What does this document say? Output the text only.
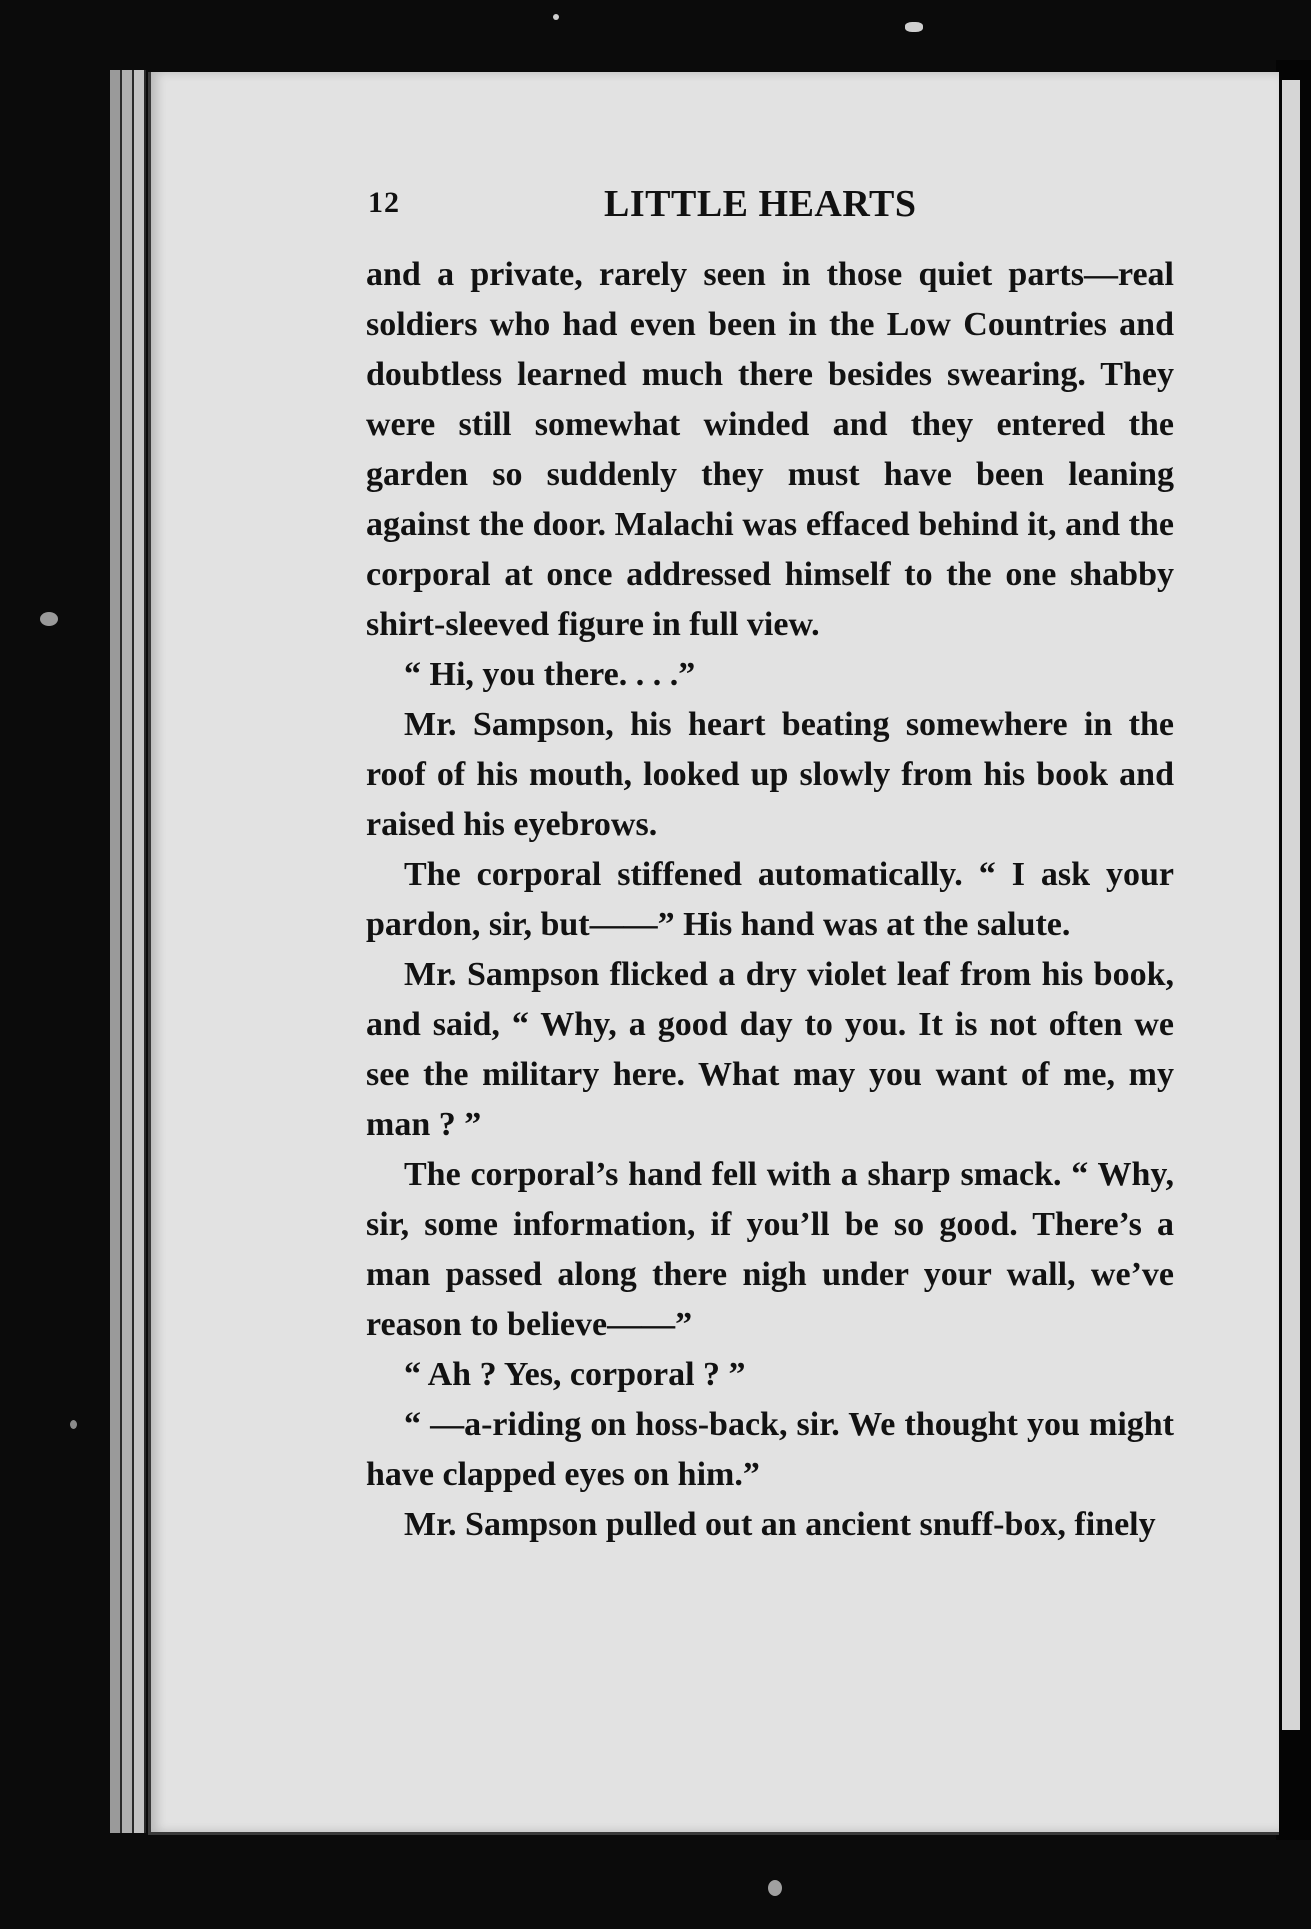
12	LITTLE HEARTS

and a private, rarely seen in those quiet parts—real soldiers who had even been in the Low Countries and doubtless learned much there besides swearing. They were still somewhat winded and they entered the garden so suddenly they must have been leaning against the door. Malachi was effaced behind it, and the corporal at once addressed himself to the one shabby shirt-sleeved figure in full view.

“ Hi, you there. . . .”

Mr. Sampson, his heart beating somewhere in the roof of his mouth, looked up slowly from his book and raised his eyebrows.

The corporal stiffened automatically. “ I ask your pardon, sir, but——” His hand was at the salute.

Mr. Sampson flicked a dry violet leaf from his book, and said, “ Why, a good day to you. It is not often we see the military here. What may you want of me, my man ? ”

The corporal’s hand fell with a sharp smack. “ Why, sir, some information, if you’ll be so good. There’s a man passed along there nigh under your wall, we’ve reason to believe——”

“ Ah ? Yes, corporal ? ”

“ —a-riding on hoss-back, sir. We thought you might have clapped eyes on him.”

Mr. Sampson pulled out an ancient snuff-box, finely
